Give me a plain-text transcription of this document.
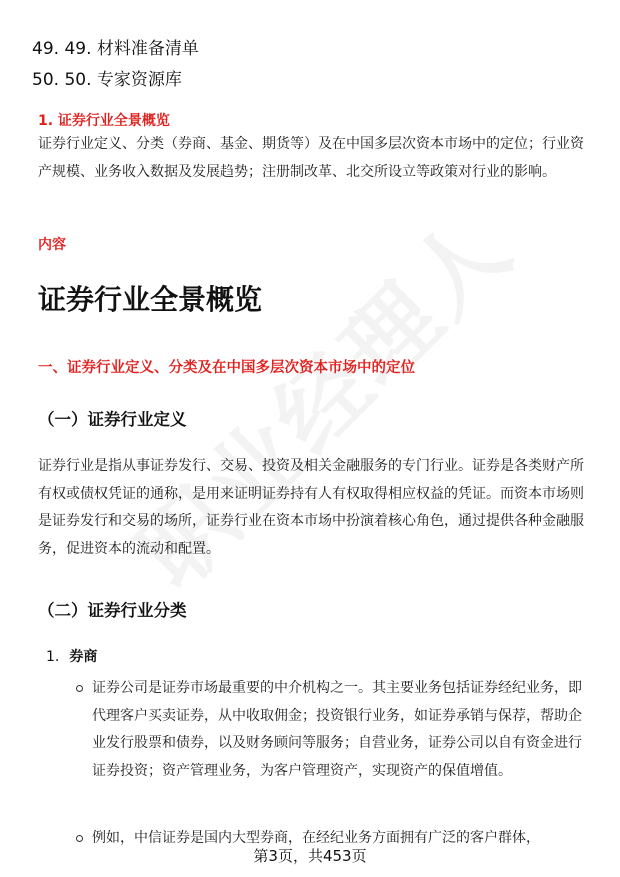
49. 49. 材料准备清单
50. 50. 专家资源库
1. 证券行业全景概览

证券行业定义、分类（券商、基金、期货等）及在中国多层次资本市场中的定位；行业资产规模、业务收入数据及发展趋势；注册制改革、北交所设立等政策对行业的影响。

内容
证券行业全景概览
一、证券行业定义、分类及在中国多层次资本市场中的定位
（一）证券行业定义

证券行业是指从事证券发行、交易、投资及相关金融服务的专门行业。证券是各类财产所有权或债权凭证的通称，是用来证明证券持有人有权取得相应权益的凭证。而资本市场则是证券发行和交易的场所，证券行业在资本市场中扮演着核心角色，通过提供各种金融服务，促进资本的流动和配置。

（二）证券行业分类
1. 券商
证券公司是证券市场最重要的中介机构之一。其主要业务包括证券经纪业务，即代理客户买卖证券，从中收取佣金；投资银行业务，如证券承销与保荐，帮助企业发行股票和债券，以及财务顾问等服务；自营业务，证券公司以自有资金进行证券投资；资产管理业务，为客户管理资产，实现资产的保值增值。
例如，中信证券是国内大型券商，在经纪业务方面拥有广泛的客户群体，
第3页，共453页
